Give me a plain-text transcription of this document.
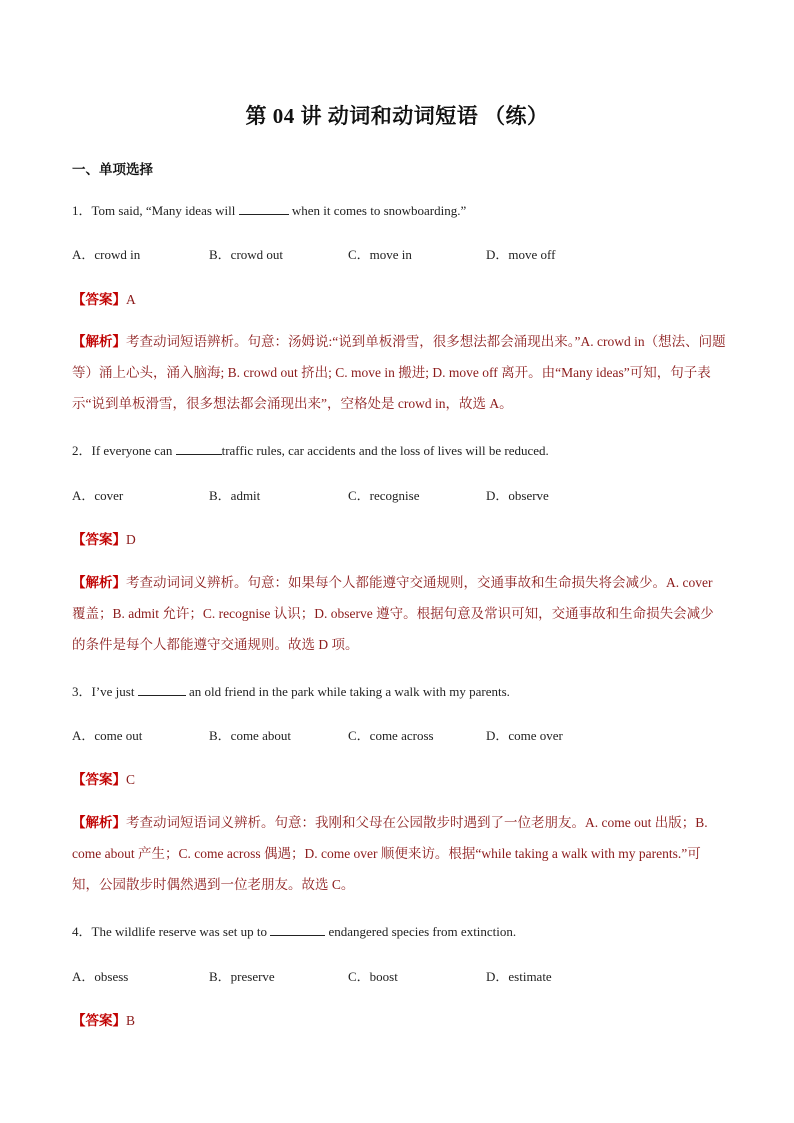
第 04 讲 动词和动词短语 （练）
一、单项选择
1．Tom said, “Many ideas will	when it comes to snowboarding.”
A．crowd in	B．crowd out	C．move in	D．move off
【答案】A
【解析】考查动词短语辨析。句意：汤姆说:“说到单板滑雪，很多想法都会涌现出来。”A. crowd in（想法、问题等）涌上心头，涌入脑海; B. crowd out 挤出; C. move in 搬进; D. move off 离开。由“Many ideas”可知，句子表示“说到单板滑雪，很多想法都会涌现出来”，空格处是 crowd in，故选 A。
2．If everyone can	traffic rules, car accidents and the loss of lives will be reduced.
A．cover	B．admit	C．recognise	D．observe
【答案】D
【解析】考查动词词义辨析。句意：如果每个人都能遵守交通规则，交通事故和生命损失将会减少。A. cover 覆盖；B. admit 允许；C. recognise 认识；D. observe 遵守。根据句意及常识可知，交通事故和生命损失会减少的条件是每个人都能遵守交通规则。故选 D 项。
3．I’ve just	an old friend in the park while taking a walk with my parents.
A．come out	B．come about	C．come across	D．come over
【答案】C
【解析】考查动词短语词义辨析。句意：我刚和父母在公园散步时遇到了一位老朋友。A. come out 出版；B. come about 产生；C. come across 偶遇；D. come over 顺便来访。根据“while taking a walk with my parents.”可知，公园散步时偶然遇到一位老朋友。故选 C。
4．The wildlife reserve was set up to	endangered species from extinction.
A．obsess	B．preserve	C．boost	D．estimate
【答案】B
